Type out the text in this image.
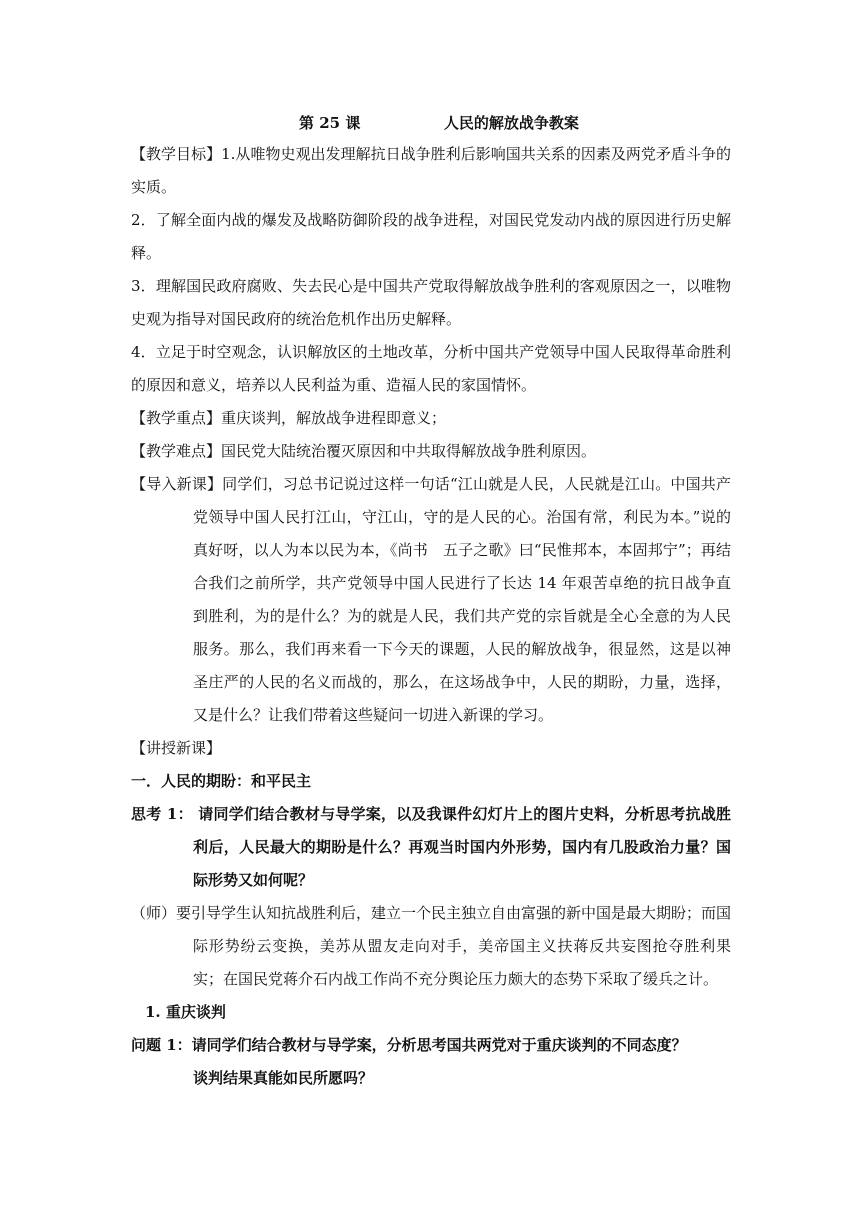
第 25 课                人民的解放战争教案

【教学目标】1.从唯物史观出发理解抗日战争胜利后影响国共关系的因素及两党矛盾斗争的实质。

2．了解全面内战的爆发及战略防御阶段的战争进程，对国民党发动内战的原因进行历史解释。

3．理解国民政府腐败、失去民心是中国共产党取得解放战争胜利的客观原因之一，以唯物史观为指导对国民政府的统治危机作出历史解释。

4．立足于时空观念，认识解放区的土地改革，分析中国共产党领导中国人民取得革命胜利的原因和意义，培养以人民利益为重、造福人民的家国情怀。

【教学重点】重庆谈判，解放战争进程即意义；

【教学难点】国民党大陆统治覆灭原因和中共取得解放战争胜利原因。

【导入新课】同学们，习总书记说过这样一句话“江山就是人民，人民就是江山。中国共产党领导中国人民打江山，守江山，守的是人民的心。治国有常，利民为本。”说的真好呀，以人为本以民为本，《尚书　五子之歌》曰“民惟邦本，本固邦宁”；再结合我们之前所学，共产党领导中国人民进行了长达 14 年艰苦卓绝的抗日战争直到胜利，为的是什么？为的就是人民，我们共产党的宗旨就是全心全意的为人民服务。那么，我们再来看一下今天的课题，人民的解放战争，很显然，这是以神圣庄严的人民的名义而战的，那么，在这场战争中，人民的期盼，力量，选择，又是什么？让我们带着这些疑问一切进入新课的学习。

【讲授新课】

一．人民的期盼：和平民主

思考 1： 请同学们结合教材与导学案，以及我课件幻灯片上的图片史料，分析思考抗战胜利后，人民最大的期盼是什么？再观当时国内外形势，国内有几股政治力量？国际形势又如何呢？

（师）要引导学生认知抗战胜利后，建立一个民主独立自由富强的新中国是最大期盼；而国际形势纷云变换，美苏从盟友走向对手，美帝国主义扶蒋反共妄图抢夺胜利果实；在国民党蒋介石内战工作尚不充分舆论压力颇大的态势下采取了缓兵之计。

1. 重庆谈判

问题 1：请同学们结合教材与导学案，分析思考国共两党对于重庆谈判的不同态度？

谈判结果真能如民所愿吗？
